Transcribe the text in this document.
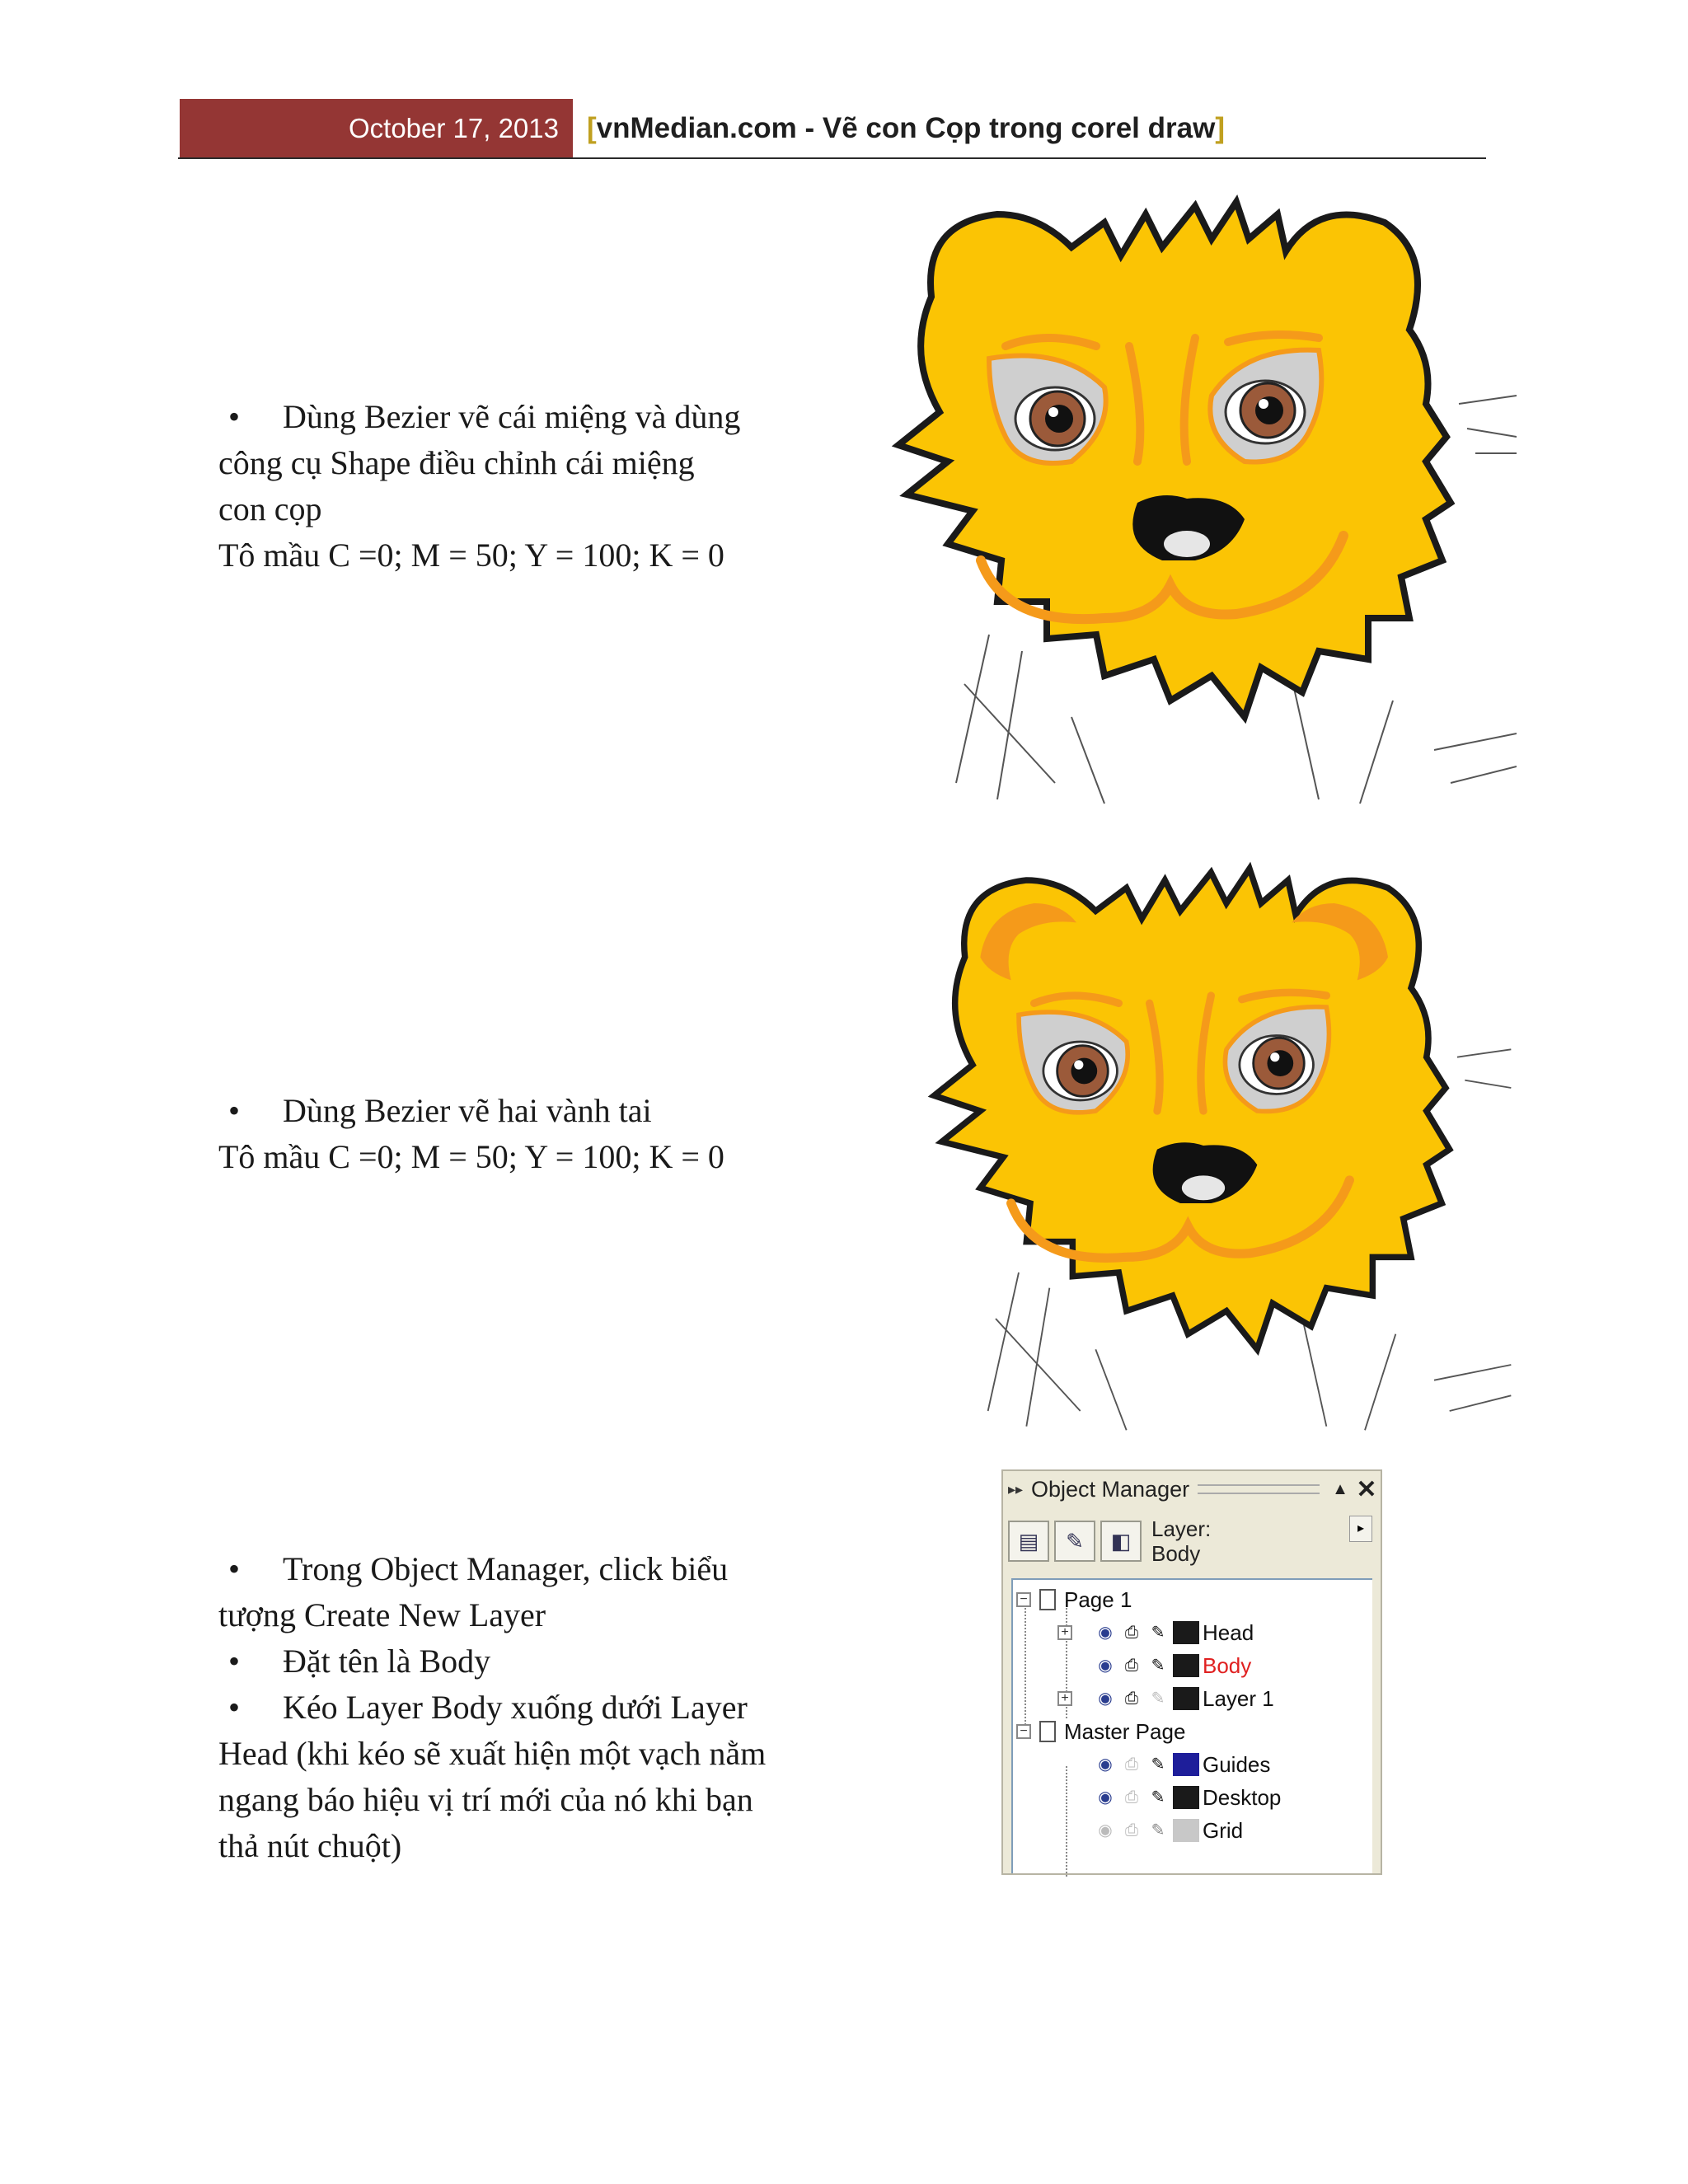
October 17, 2013 [vnMedian.com - Vẽ con Cọp trong corel draw]
•	Dùng Bezier vẽ cái miệng và dùng

công cụ Shape điều chỉnh cái miệng

con cọp

Tô mầu C =0; M = 50; Y = 100; K = 0

•	Dùng Bezier vẽ hai vành tai

Tô mầu C =0; M = 50; Y = 100; K = 0

•	Trong Object Manager, click biểu

tượng Create New Layer

•	Đặt tên là Body
•	Kéo Layer Body xuống dưới Layer

Head (khi kéo sẽ xuất hiện một vạch nằm

ngang báo hiệu vị trí mới của nó khi bạn

thả nút chuột)

▸▸ Object Manager	▲ ✕
▤ ✎ ◧ Layer:
Body
▸
− Page 1
+ ◉ ⎙ ✎ Head
◉ ⎙ ✎ Body
+ ◉ ⎙ ✎ Layer 1
− Master Page
◉ ⎙ ✎ Guides
◉ ⎙ ✎ Desktop
◉ ⎙ ✎ Grid
